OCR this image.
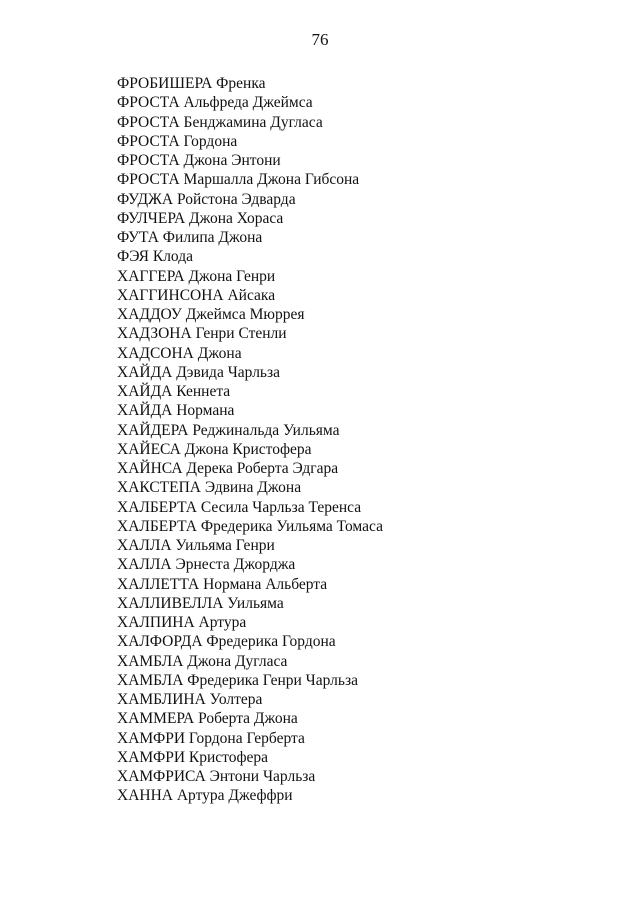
76
ФРОБИШЕРА Френка
ФРОСТА Альфреда Джеймса
ФРОСТА Бенджамина Дугласа
ФРОСТА Гордона
ФРОСТА Джона Энтони
ФРОСТА Маршалла Джона Гибсона
ФУДЖА Ройстона Эдварда
ФУЛЧЕРА Джона Хораса
ФУТА Филипа Джона
ФЭЯ Клода
ХАГГЕРА Джона Генри
ХАГГИНСОНА Айсака
ХАДДОУ Джеймса Мюррея
ХАДЗОНА Генри Стенли
ХАДСОНА Джона
ХАЙДА Дэвида Чарльза
ХАЙДА Кеннета
ХАЙДА Нормана
ХАЙДЕРА Реджинальда Уильяма
ХАЙЕСА Джона Кристофера
ХАЙНСА Дерека Роберта Эдгара
ХАКСТЕПА Эдвина Джона
ХАЛБЕРТА Сесила Чарльза Теренса
ХАЛБЕРТА Фредерика Уильяма Томаса
ХАЛЛА Уильяма Генри
ХАЛЛА Эрнеста Джорджа
ХАЛЛЕТТА Нормана Альберта
ХАЛЛИВЕЛЛА Уильяма
ХАЛПИНА Артура
ХАЛФОРДА Фредерика Гордона
ХАМБЛА Джона Дугласа
ХАМБЛА Фредерика Генри Чарльза
ХАМБЛИНА Уолтера
ХАММЕРА Роберта Джона
ХАМФРИ Гордона Герберта
ХАМФРИ Кристофера
ХАМФРИСА Энтони Чарльза
ХАННА Артура Джеффри
